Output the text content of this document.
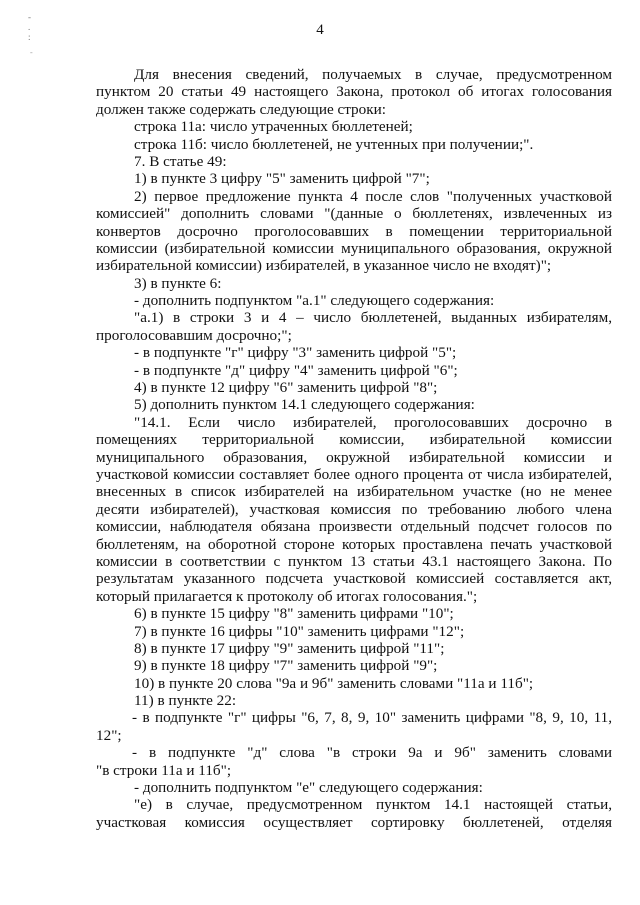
-
.
:
-
4
Для внесения сведений, получаемых в случае, предусмотренном
пунктом 20 статьи 49 настоящего Закона, протокол об итогах голосования
должен также содержать следующие строки:
строка 11а: число утраченных бюллетеней;
строка 11б: число бюллетеней, не учтенных при получении;".
7. В статье 49:
1) в пункте 3 цифру "5" заменить цифрой "7";
2) первое предложение пункта 4 после слов "полученных участковой
комиссией" дополнить словами "(данные о бюллетенях, извлеченных из
конвертов досрочно проголосовавших в помещении территориальной
комиссии (избирательной комиссии муниципального образования, окружной
избирательной комиссии) избирателей, в указанное число не входят)";
3) в пункте 6:
- дополнить подпунктом "а.1" следующего содержания:
"а.1) в строки 3 и 4 – число бюллетеней, выданных избирателям,
проголосовавшим досрочно;";
- в подпункте "г" цифру "3" заменить цифрой "5";
- в подпункте "д" цифру "4" заменить цифрой "6";
4) в пункте 12 цифру "6" заменить цифрой "8";
5) дополнить пунктом 14.1 следующего содержания:
"14.1. Если число избирателей, проголосовавших досрочно в
помещениях территориальной комиссии, избирательной комиссии
муниципального образования, окружной избирательной комиссии и
участковой комиссии составляет более одного процента от числа избирателей,
внесенных в список избирателей на избирательном участке (но не менее
десяти избирателей), участковая комиссия по требованию любого члена
комиссии, наблюдателя обязана произвести отдельный подсчет голосов по
бюллетеням, на оборотной стороне которых проставлена печать участковой
комиссии в соответствии с пунктом 13 статьи 43.1 настоящего Закона. По
результатам указанного подсчета участковой комиссией составляется акт,
который прилагается к протоколу об итогах голосования.";
6) в пункте 15 цифру "8" заменить цифрами "10";
7) в пункте 16 цифры "10" заменить цифрами "12";
8) в пункте 17 цифру "9" заменить цифрой "11";
9) в пункте 18 цифру "7" заменить цифрой "9";
10) в пункте 20 слова "9а и 9б" заменить словами "11а и 11б";
11) в пункте 22:
- в подпункте "г" цифры "6, 7, 8, 9, 10" заменить цифрами "8, 9, 10, 11,
12";
- в подпункте "д" слова "в строки 9а и 9б" заменить словами
"в строки 11а и 11б";
- дополнить подпунктом "е" следующего содержания:
"е) в случае, предусмотренном пунктом 14.1 настоящей статьи,
участковая комиссия осуществляет сортировку бюллетеней, отделяя
